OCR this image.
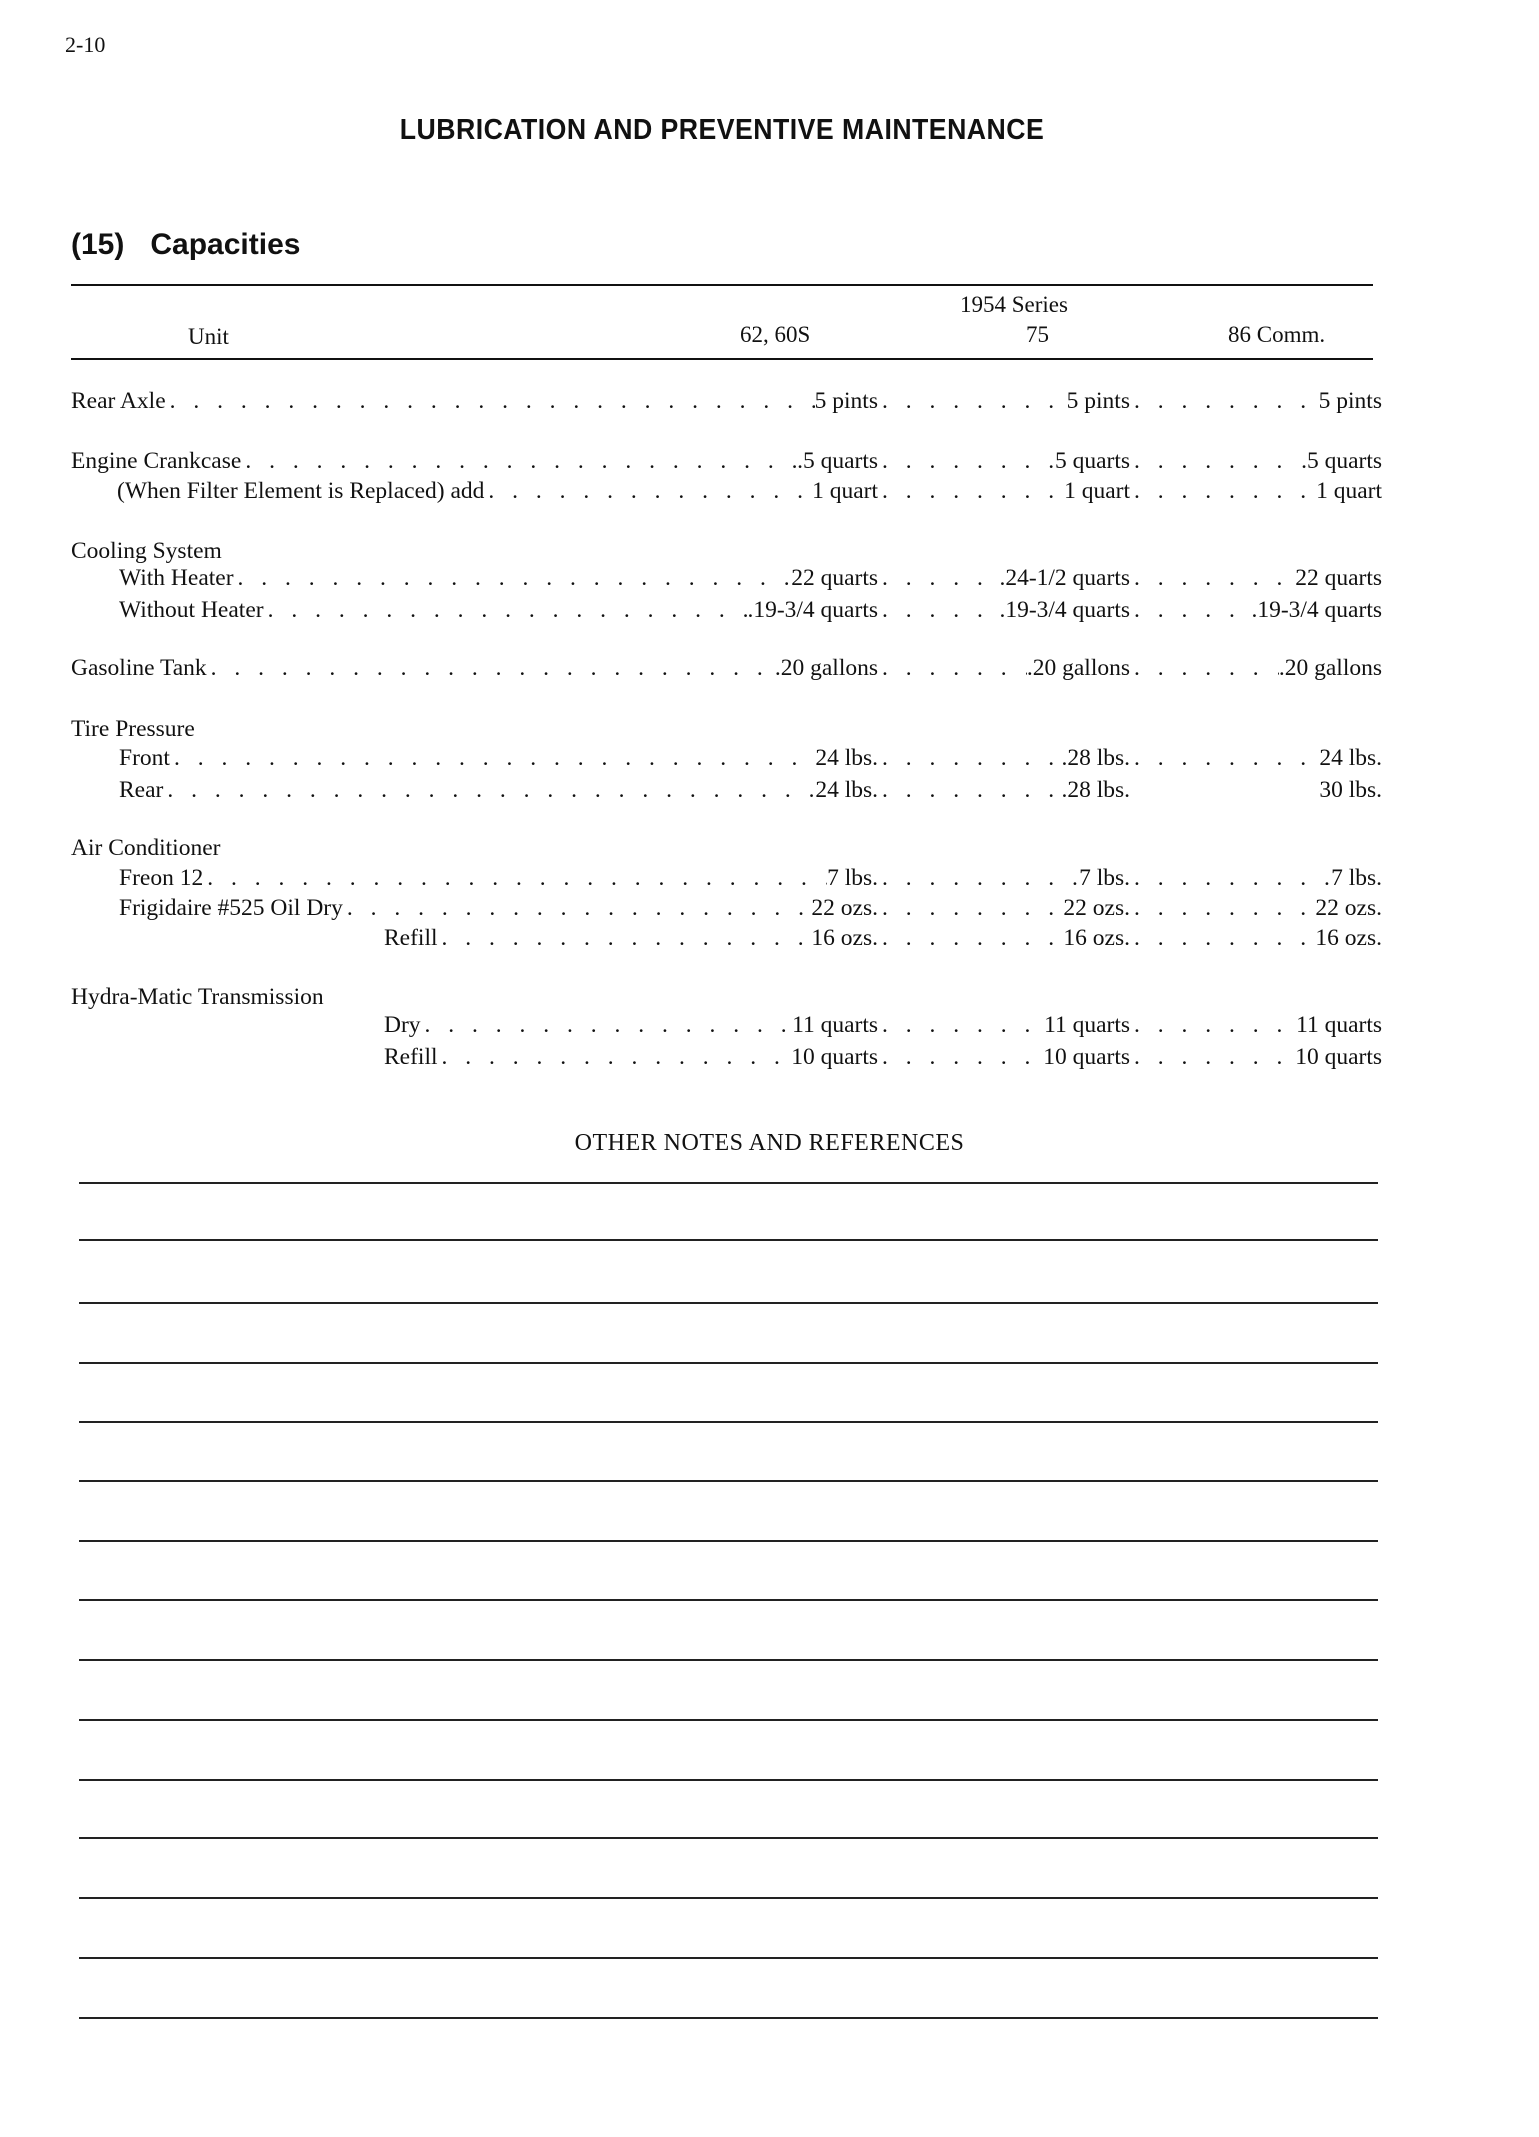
2-10
LUBRICATION AND PREVENTIVE MAINTENANCE
(15) Capacities
1954 Series
Unit	62, 60S	75	86 Comm.
Rear Axle . . .	5 pints . . .	5 pints . . .	5 pints
Engine Crankcase . . .	.5 quarts . . .	5 quarts . . .	.5 quarts
(When Filter Element is Replaced) add . . .	1 quart . . .	1 quart . . .	1 quart
Cooling System
With Heater . . .	22 quarts . . .	.24-1/2 quarts . . .	22 quarts
Without Heater . . .	.19-3/4 quarts . . .	.19-3/4 quarts . . .	.19-3/4 quarts
Gasoline Tank . . .	.20 gallons . . .	.20 gallons . . .	.20 gallons
Tire Pressure
Front . . .	24 lbs. . . .	.28 lbs. . . .	24 lbs.
Rear . . .	24 lbs. . . .	.28 lbs.	30 lbs.
Air Conditioner
Freon 12 . . .	7 lbs. . . .	7 lbs. . . .	7 lbs.
Frigidaire #525 Oil Dry . . .	22 ozs. . . .	22 ozs. . . .	22 ozs.
Refill . . .	16 ozs. . . .	16 ozs. . . .	16 ozs.
Hydra-Matic Transmission
Dry . . .	11 quarts . . .	11 quarts . . .	11 quarts
Refill . . .	10 quarts . . .	10 quarts . . .	10 quarts
OTHER NOTES AND REFERENCES
